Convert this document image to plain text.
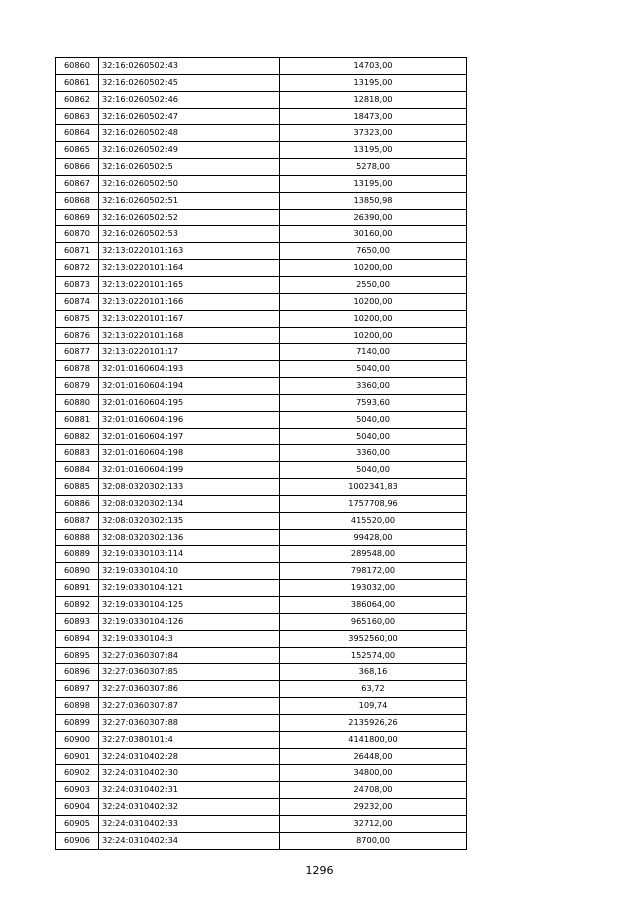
60860	32:16:0260502:43	14703,00
60861	32:16:0260502:45	13195,00
60862	32:16:0260502:46	12818,00
60863	32:16:0260502:47	18473,00
60864	32:16:0260502:48	37323,00
60865	32:16:0260502:49	13195,00
60866	32:16:0260502:5	5278,00
60867	32:16:0260502:50	13195,00
60868	32:16:0260502:51	13850,98
60869	32:16:0260502:52	26390,00
60870	32:16:0260502:53	30160,00
60871	32:13:0220101:163	7650,00
60872	32:13:0220101:164	10200,00
60873	32:13:0220101:165	2550,00
60874	32:13:0220101:166	10200,00
60875	32:13:0220101:167	10200,00
60876	32:13:0220101:168	10200,00
60877	32:13:0220101:17	7140,00
60878	32:01:0160604:193	5040,00
60879	32:01:0160604:194	3360,00
60880	32:01:0160604:195	7593,60
60881	32:01:0160604:196	5040,00
60882	32:01:0160604:197	5040,00
60883	32:01:0160604:198	3360,00
60884	32:01:0160604:199	5040,00
60885	32:08:0320302:133	1002341,83
60886	32:08:0320302:134	1757708,96
60887	32:08:0320302:135	415520,00
60888	32:08:0320302:136	99428,00
60889	32:19:0330103:114	289548,00
60890	32:19:0330104:10	798172,00
60891	32:19:0330104:121	193032,00
60892	32:19:0330104:125	386064,00
60893	32:19:0330104:126	965160,00
60894	32:19:0330104:3	3952560,00
60895	32:27:0360307:84	152574,00
60896	32:27:0360307:85	368,16
60897	32:27:0360307:86	63,72
60898	32:27:0360307:87	109,74
60899	32:27:0360307:88	2135926,26
60900	32:27:0380101:4	4141800,00
60901	32:24:0310402:28	26448,00
60902	32:24:0310402:30	34800,00
60903	32:24:0310402:31	24708,00
60904	32:24:0310402:32	29232,00
60905	32:24:0310402:33	32712,00
60906	32:24:0310402:34	8700,00
1296
